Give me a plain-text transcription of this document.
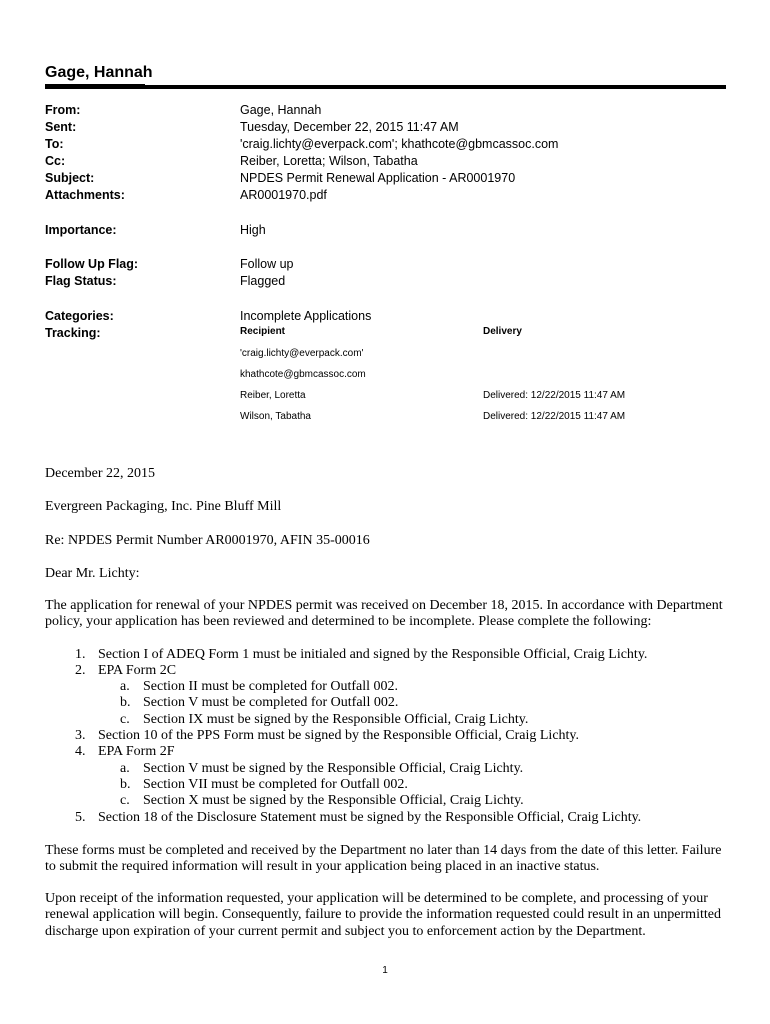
Gage, Hannah
From:	Gage, Hannah
Sent:	Tuesday, December 22, 2015 11:47 AM
To:	'craig.lichty@everpack.com'; khathcote@gbmcassoc.com
Cc:	Reiber, Loretta; Wilson, Tabatha
Subject:	NPDES Permit Renewal Application - AR0001970
Attachments:	AR0001970.pdf
Importance:	High
Follow Up Flag:	Follow up
Flag Status:	Flagged
Categories:	Incomplete Applications
Tracking:	Recipient	Delivery
'craig.lichty@everpack.com'
khathcote@gbmcassoc.com
Reiber, Loretta	Delivered: 12/22/2015 11:47 AM
Wilson, Tabatha	Delivered: 12/22/2015 11:47 AM
December 22, 2015
Evergreen Packaging, Inc. Pine Bluff Mill
Re: NPDES Permit Number AR0001970, AFIN 35-00016
Dear Mr. Lichty:
The application for renewal of your NPDES permit was received on December 18, 2015. In accordance with Department policy, your application has been reviewed and determined to be incomplete. Please complete the following:
1. Section I of ADEQ Form 1 must be initialed and signed by the Responsible Official, Craig Lichty.
2. EPA Form 2C
a. Section II must be completed for Outfall 002.
b. Section V must be completed for Outfall 002.
c. Section IX must be signed by the Responsible Official, Craig Lichty.
3. Section 10 of the PPS Form must be signed by the Responsible Official, Craig Lichty.
4. EPA Form 2F
a. Section V must be signed by the Responsible Official, Craig Lichty.
b. Section VII must be completed for Outfall 002.
c. Section X must be signed by the Responsible Official, Craig Lichty.
5. Section 18 of the Disclosure Statement must be signed by the Responsible Official, Craig Lichty.
These forms must be completed and received by the Department no later than 14 days from the date of this letter. Failure to submit the required information will result in your application being placed in an inactive status.
Upon receipt of the information requested, your application will be determined to be complete, and processing of your renewal application will begin. Consequently, failure to provide the information requested could result in an unpermitted discharge upon expiration of your current permit and subject you to enforcement action by the Department.
1
